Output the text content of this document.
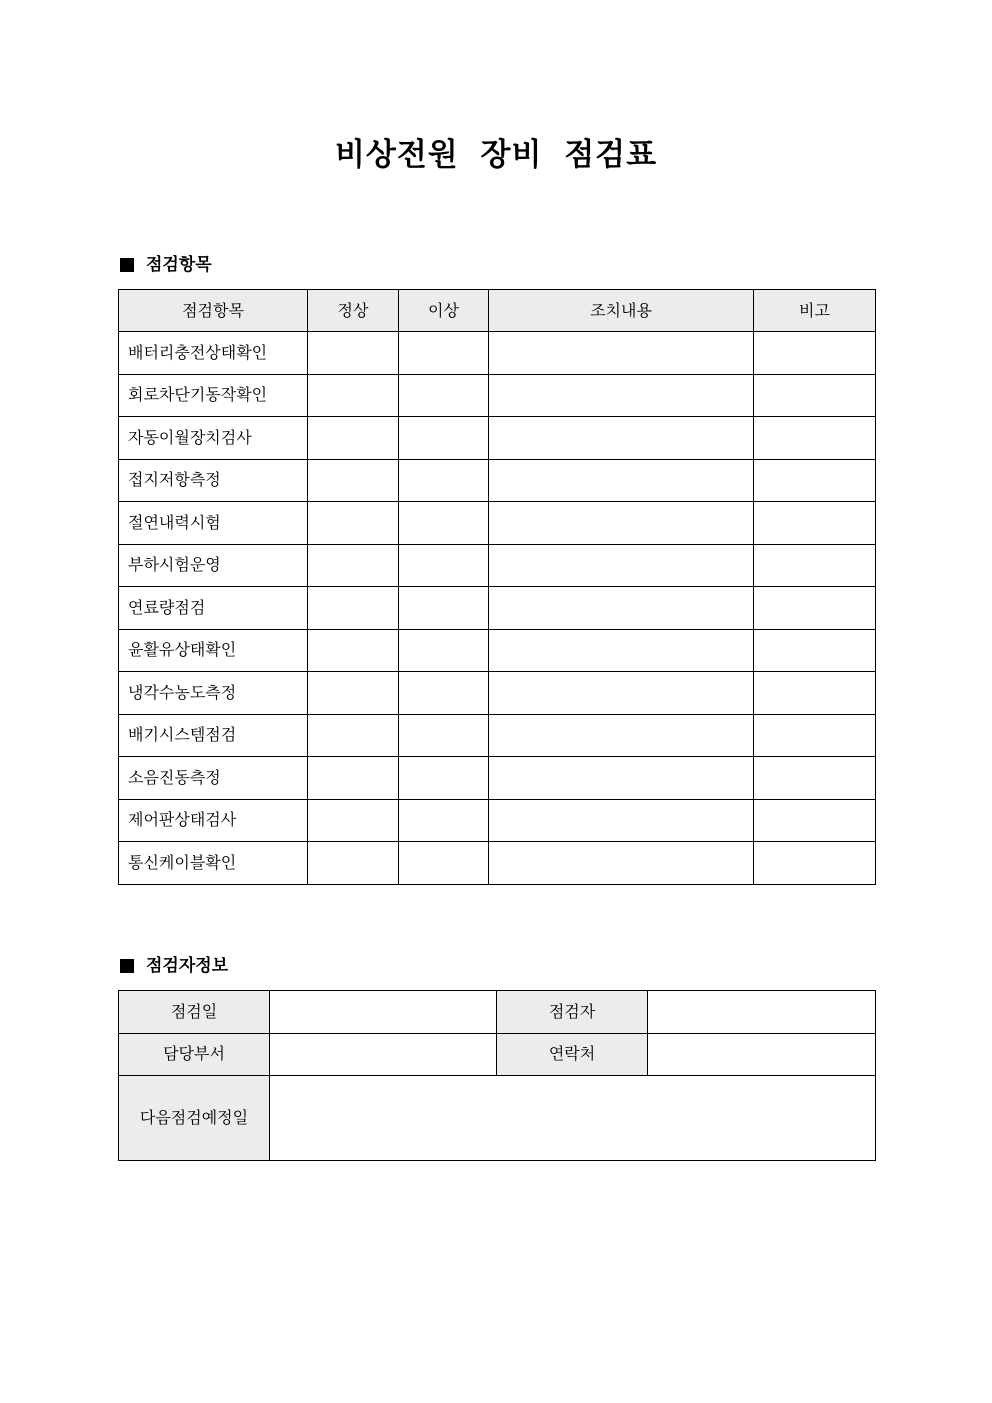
비상전원 장비 점검표
점검항목
점검항목	정상	이상	조치내용	비고
배터리충전상태확인				
회로차단기동작확인				
자동이월장치검사				
접지저항측정				
절연내력시험				
부하시험운영				
연료량점검				
윤활유상태확인				
냉각수농도측정				
배기시스템점검				
소음진동측정				
제어판상태검사				
통신케이블확인				
점검자정보
점검일		점검자	
담당부서		연락처	
다음점검예정일			
